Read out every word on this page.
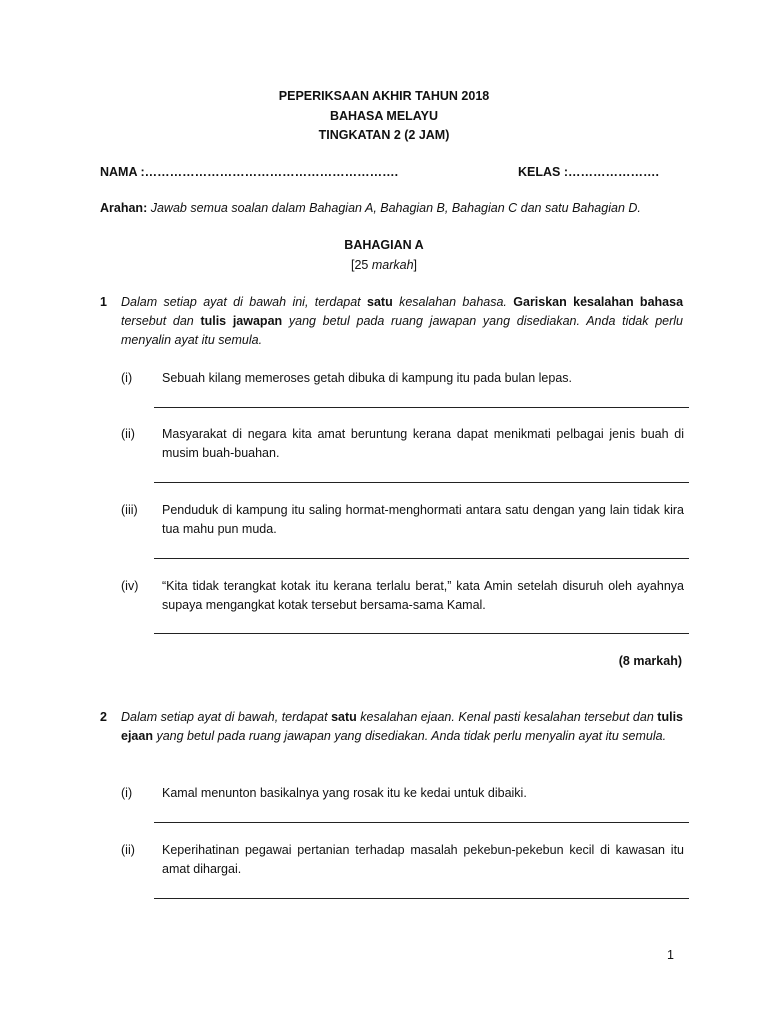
PEPERIKSAAN AKHIR TAHUN 2018
BAHASA MELAYU
TINGKATAN 2 (2 JAM)
NAMA :…………………………………………………….	KELAS :………………….
Arahan: Jawab semua soalan dalam Bahagian A, Bahagian B, Bahagian C dan satu Bahagian D.
BAHAGIAN A
[25 markah]
1 Dalam setiap ayat di bawah ini, terdapat satu kesalahan bahasa. Gariskan kesalahan bahasa tersebut dan tulis jawapan yang betul pada ruang jawapan yang disediakan. Anda tidak perlu menyalin ayat itu semula.
(i) Sebuah kilang memeroses getah dibuka di kampung itu pada bulan lepas.
(ii) Masyarakat di negara kita amat beruntung kerana dapat menikmati pelbagai jenis buah di musim buah-buahan.
(iii) Penduduk di kampung itu saling hormat-menghormati antara satu dengan yang lain tidak kira tua mahu pun muda.
(iv) “Kita tidak terangkat kotak itu kerana terlalu berat,” kata Amin setelah disuruh oleh ayahnya supaya mengangkat kotak tersebut bersama-sama Kamal.
(8 markah)
2 Dalam setiap ayat di bawah, terdapat satu kesalahan ejaan. Kenal pasti kesalahan tersebut dan tulis ejaan yang betul pada ruang jawapan yang disediakan. Anda tidak perlu menyalin ayat itu semula.
(i) Kamal menunton basikalnya yang rosak itu ke kedai untuk dibaiki.
(ii) Keperihatinan pegawai pertanian terhadap masalah pekebun-pekebun kecil di kawasan itu amat dihargai.
1
